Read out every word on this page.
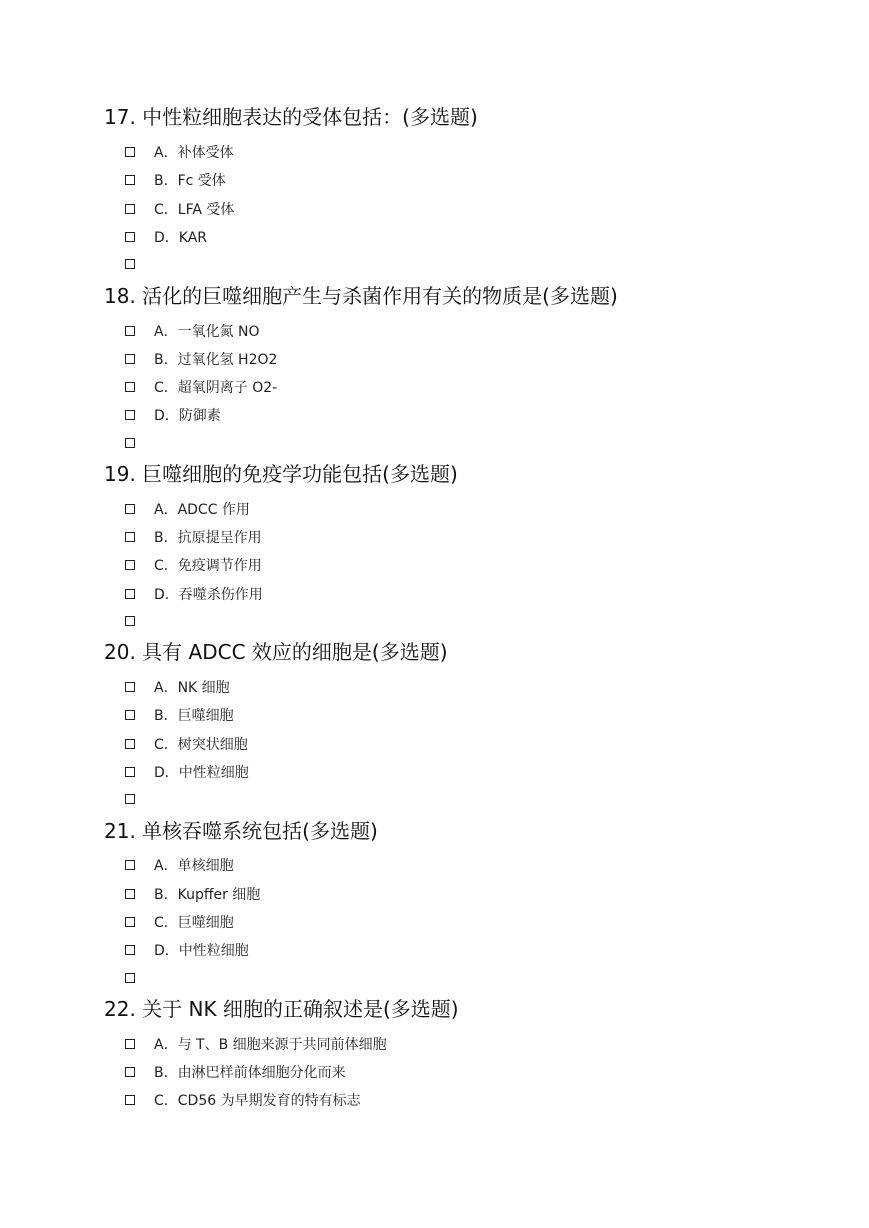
17. 中性粒细胞表达的受体包括：(多选题)
A．补体受体
B．Fc 受体
C．LFA 受体
D．KAR
18. 活化的巨噬细胞产生与杀菌作用有关的物质是(多选题)
A．一氧化氮 NO
B．过氧化氢 H2O2
C．超氧阴离子 O2-
D．防御素
19. 巨噬细胞的免疫学功能包括(多选题)
A．ADCC 作用
B．抗原提呈作用
C．免疫调节作用
D．吞噬杀伤作用
20. 具有 ADCC 效应的细胞是(多选题)
A．NK 细胞
B．巨噬细胞
C．树突状细胞
D．中性粒细胞
21. 单核吞噬系统包括(多选题)
A．单核细胞
B．Kupffer 细胞
C．巨噬细胞
D．中性粒细胞
22. 关于 NK 细胞的正确叙述是(多选题)
A．与 T、B 细胞来源于共同前体细胞
B．由淋巴样前体细胞分化而来
C．CD56 为早期发育的特有标志
